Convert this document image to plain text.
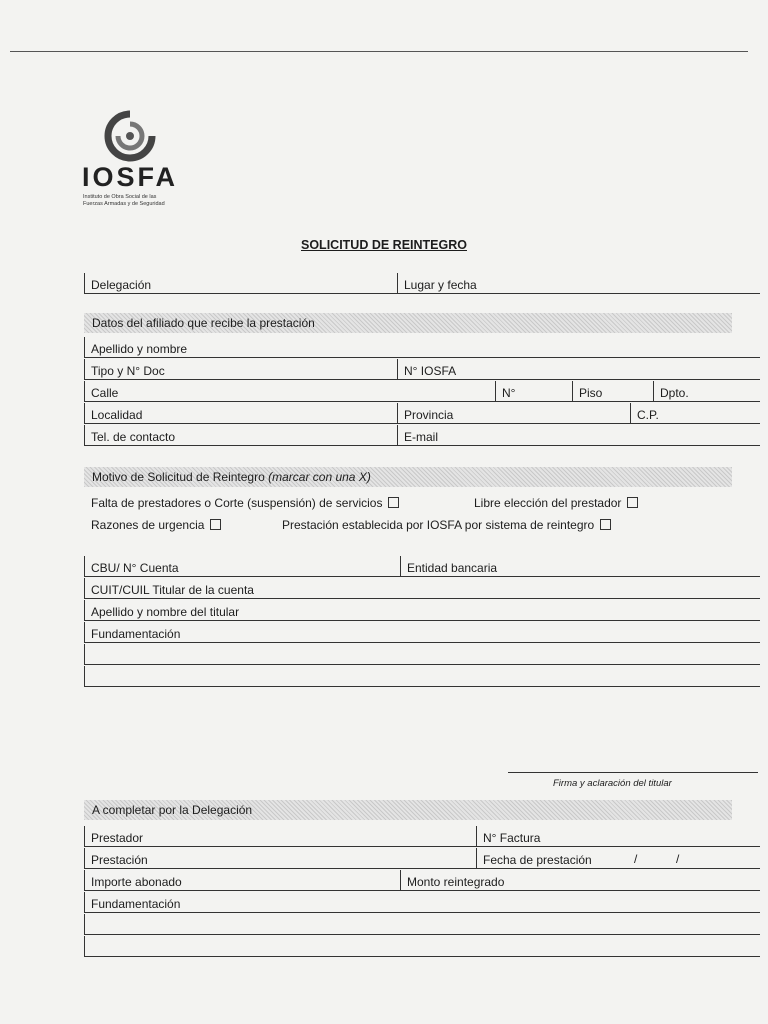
IOSFA
Instituto de Obra Social de las
Fuerzas Armadas y de Seguridad
SOLICITUD DE REINTEGRO
Delegación	Lugar y fecha
Datos del afiliado que recibe la prestación
Apellido y nombre
Tipo y N° Doc	N° IOSFA
Calle	N°	Piso	Dpto.
Localidad	Provincia	C.P.
Tel. de contacto	E-mail
Motivo de Solicitud de Reintegro (marcar con una X)
Falta de prestadores o Corte (suspensión) de servicios	Libre elección del prestador
Razones de urgencia	Prestación establecida por IOSFA por sistema de reintegro
CBU/ N° Cuenta	Entidad bancaria
CUIT/CUIL Titular de la cuenta
Apellido y nombre del titular
Fundamentación
Firma y aclaración del titular
A completar por la Delegación
Prestador	N° Factura
Prestación	Fecha de prestación	/	/
Importe abonado	Monto reintegrado
Fundamentación
